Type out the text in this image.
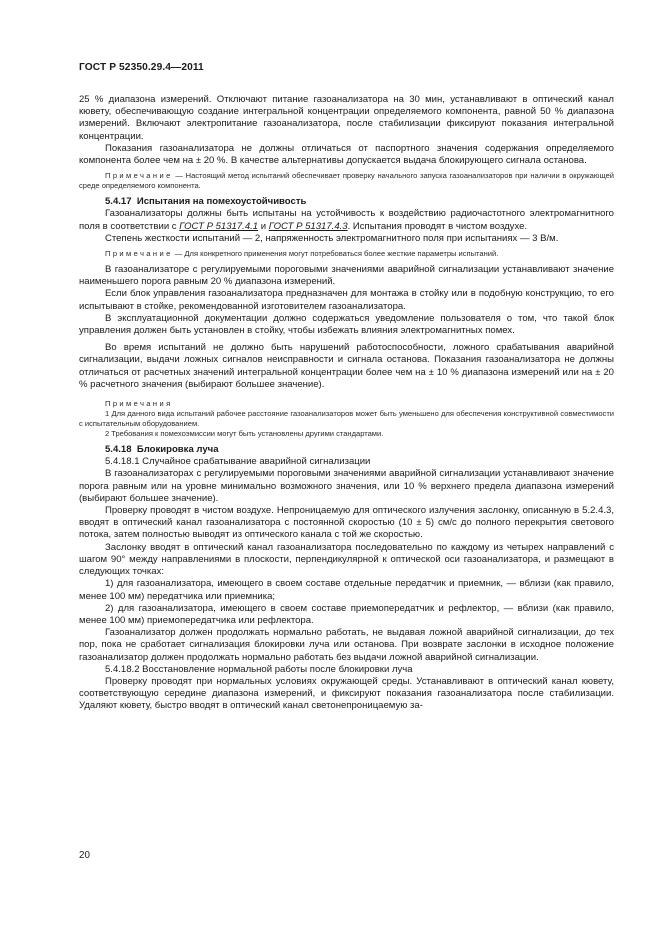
ГОСТ Р 52350.29.4—2011

25 % диапазона измерений. Отключают питание газоанализатора на 30 мин, устанавливают в оптический канал кювету, обеспечивающую создание интегральной концентрации определяемого компонента, равной 50 % диапазона измерений. Включают электропитание газоанализатора, после стабилизации фиксируют показания интегральной концентрации.

Показания газоанализатора не должны отличаться от паспортного значения содержания определяемого компонента более чем на ± 20 %. В качестве альтернативы допускается выдача блокирующего сигнала останова.

Примечание — Настоящий метод испытаний обеспечивает проверку начального запуска газоанализаторов при наличии в окружающей среде определяемого компонента.
5.4.17 Испытания на помехоустойчивость

Газоанализаторы должны быть испытаны на устойчивость к воздействию радиочастотного электромагнитного поля в соответствии с ГОСТ Р 51317.4.1 и ГОСТ Р 51317.4.3. Испытания проводят в чистом воздухе.

Степень жесткости испытаний — 2, напряженность электромагнитного поля при испытаниях — 3 В/м.

Примечание — Для конкретного применения могут потребоваться более жесткие параметры испытаний.

В газоанализаторе с регулируемыми пороговыми значениями аварийной сигнализации устанавливают значение наименьшего порога равным 20 % диапазона измерений.

Если блок управления газоанализатора предназначен для монтажа в стойку или в подобную конструкцию, то его испытывают в стойке, рекомендованной изготовителем газоанализатора.

В эксплуатационной документации должно содержаться уведомление пользователя о том, что такой блок управления должен быть установлен в стойку, чтобы избежать влияния электромагнитных помех.

Во время испытаний не должно быть нарушений работоспособности, ложного срабатывания аварийной сигнализации, выдачи ложных сигналов неисправности и сигнала останова. Показания газоанализатора не должны отличаться от расчетных значений интегральной концентрации более чем на ± 10 % диапазона измерений или на ± 20 % расчетного значения (выбирают большее значение).

Примечания
1 Для данного вида испытаний рабочее расстояние газоанализаторов может быть уменьшено для обеспечения конструктивной совместимости с испытательным оборудованием.
2 Требования к помехоэмиссии могут быть установлены другими стандартами.
5.4.18 Блокировка луча
5.4.18.1 Случайное срабатывание аварийной сигнализации

В газоанализаторах с регулируемыми пороговыми значениями аварийной сигнализации устанавливают значение порога равным или на уровне минимально возможного значения, или 10 % верхнего предела диапазона измерений (выбирают большее значение).

Проверку проводят в чистом воздухе. Непроницаемую для оптического излучения заслонку, описанную в 5.2.4.3, вводят в оптический канал газоанализатора с постоянной скоростью (10 ± 5) см/с до полного перекрытия светового потока, затем полностью выводят из оптического канала с той же скоростью.

Заслонку вводят в оптический канал газоанализатора последовательно по каждому из четырех направлений с шагом 90° между направлениями в плоскости, перпендикулярной к оптической оси газоанализатора, и размещают в следующих точках:

1) для газоанализатора, имеющего в своем составе отдельные передатчик и приемник, — вблизи (как правило, менее 100 мм) передатчика или приемника;

2) для газоанализатора, имеющего в своем составе приемопередатчик и рефлектор, — вблизи (как правило, менее 100 мм) приемопередатчика или рефлектора.

Газоанализатор должен продолжать нормально работать, не выдавая ложной аварийной сигнализации, до тех пор, пока не сработает сигнализация блокировки луча или останова. При возврате заслонки в исходное положение газоанализатор должен продолжать нормально работать без выдачи ложной аварийной сигнализации.

5.4.18.2 Восстановление нормальной работы после блокировки луча

Проверку проводят при нормальных условиях окружающей среды. Устанавливают в оптический канал кювету, соответствующую середине диапазона измерений, и фиксируют показания газоанализатора после стабилизации. Удаляют кювету, быстро вводят в оптический канал светонепроницаемую за-

20
